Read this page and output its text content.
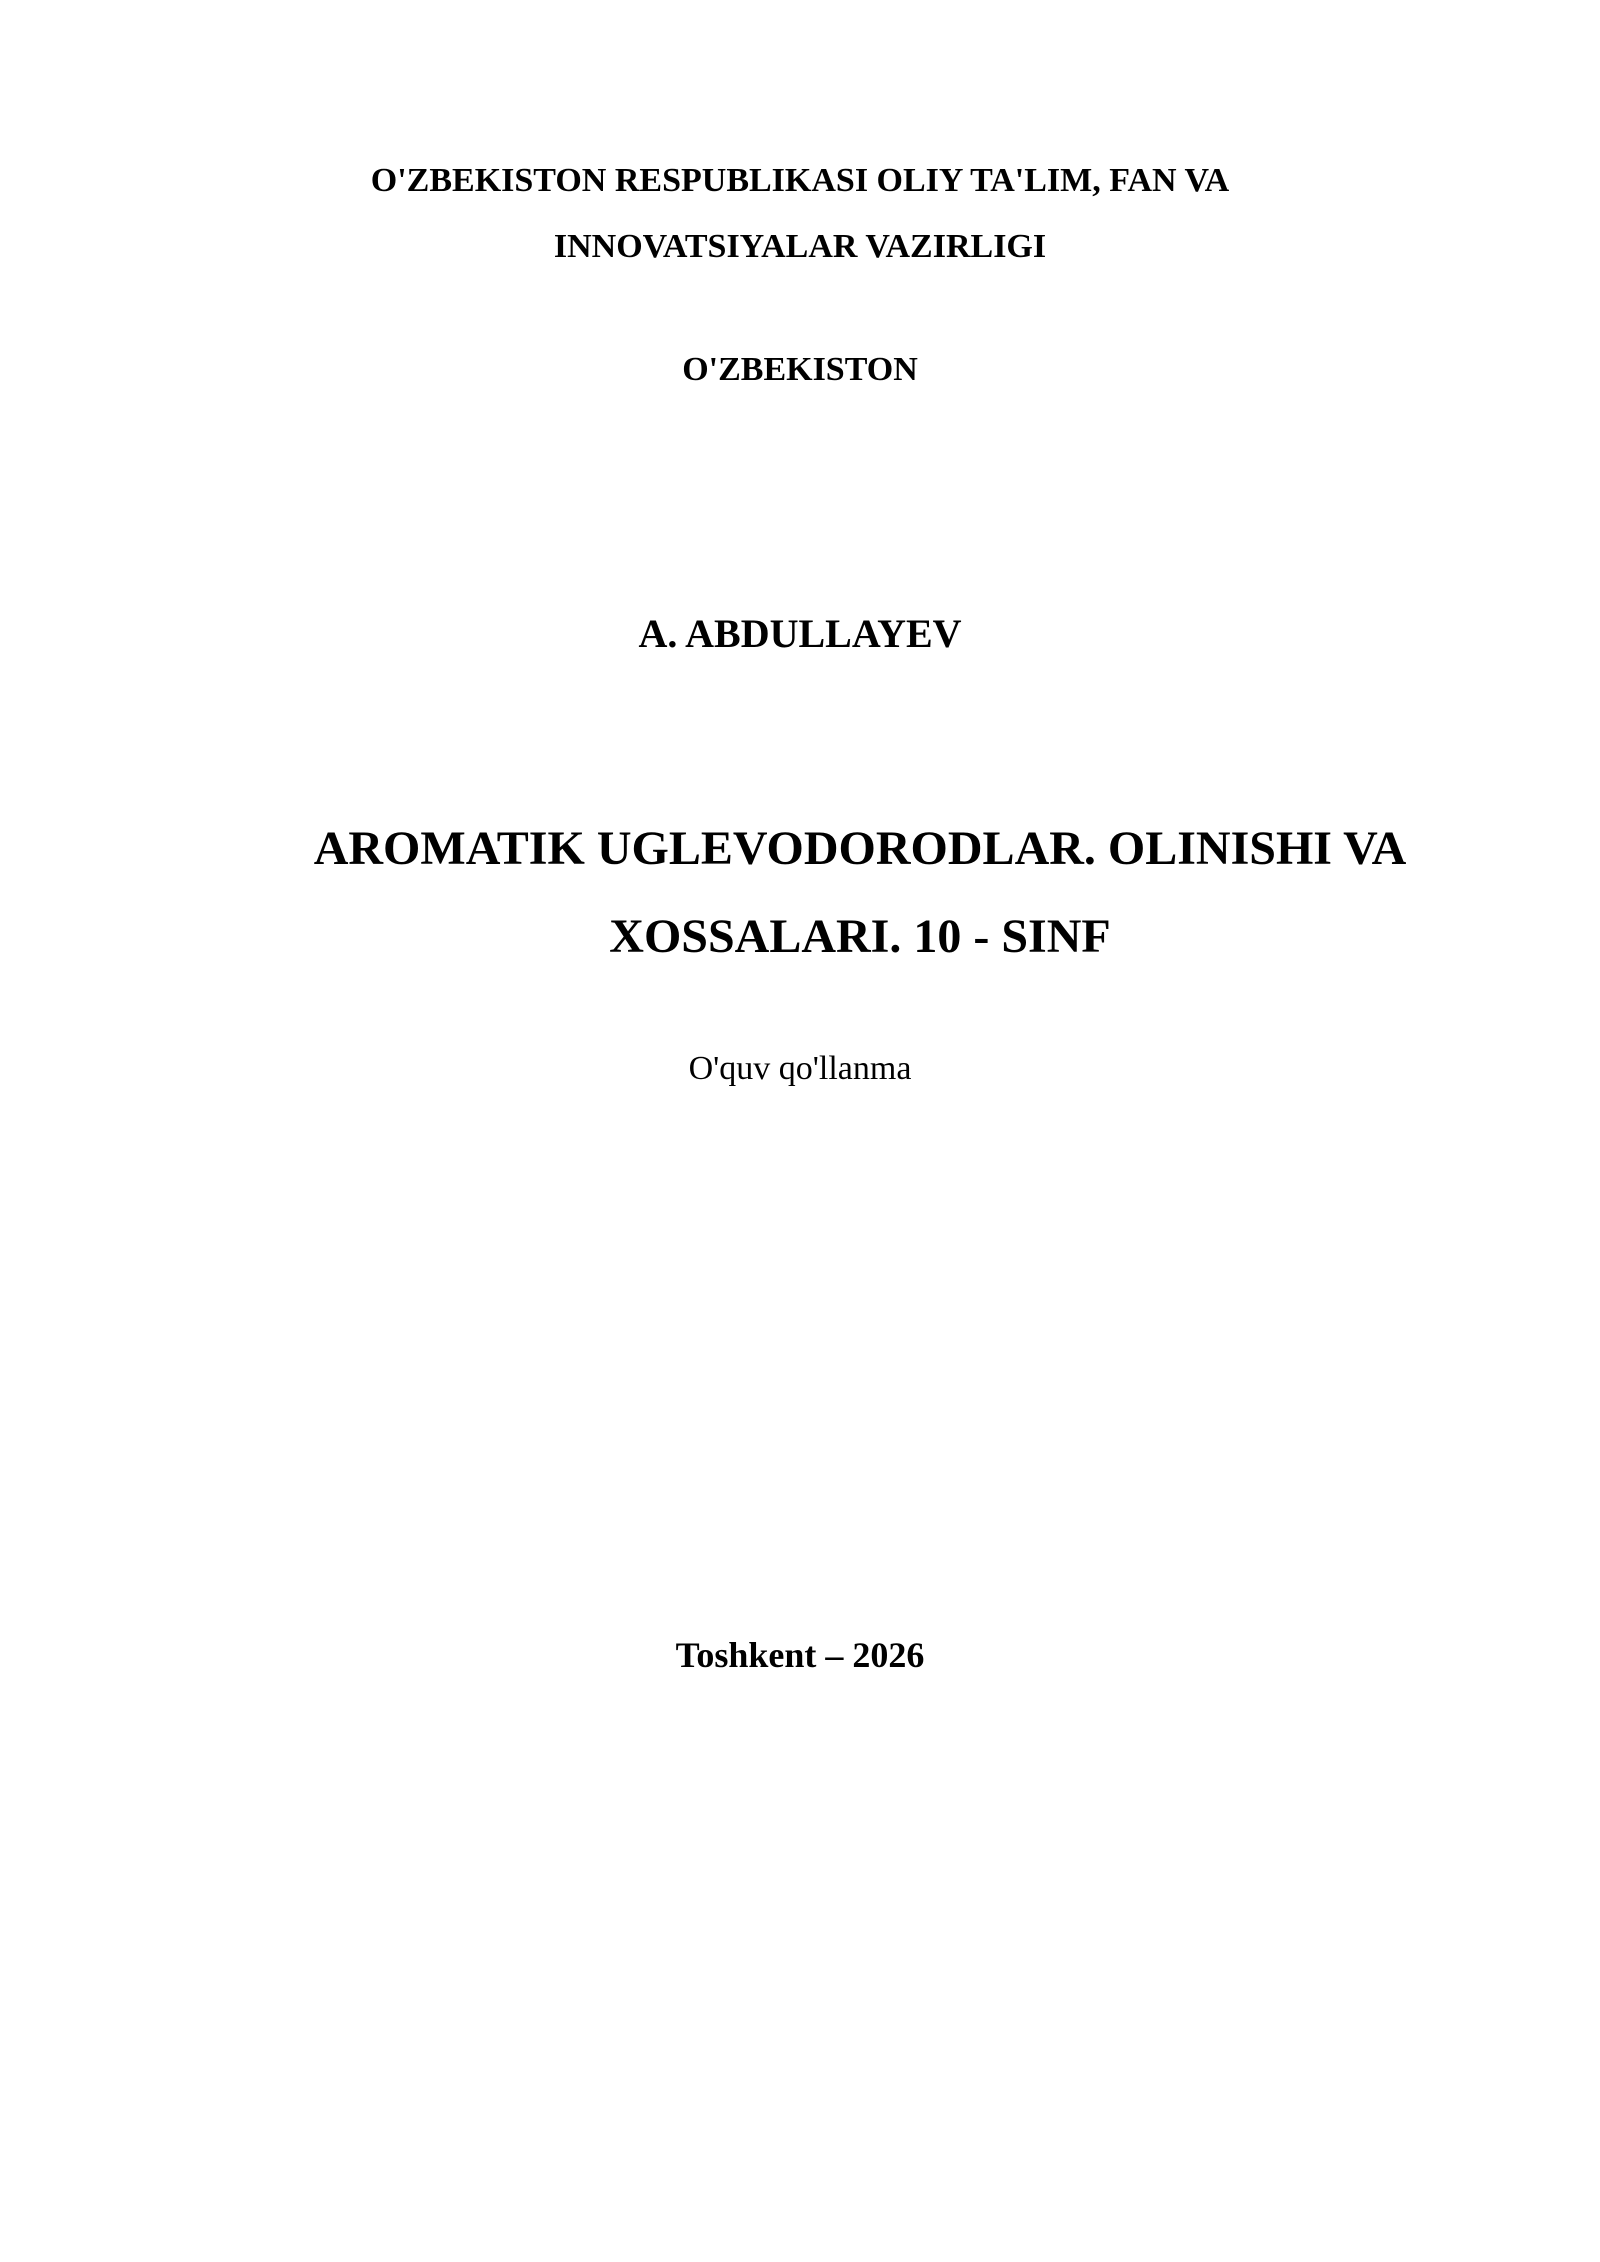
O'ZBEKISTON RESPUBLIKASI OLIY TA'LIM, FAN VA
INNOVATSIYALAR VAZIRLIGI
O'ZBEKISTON
A. ABDULLAYEV
AROMATIK UGLEVODORODLAR. OLINISHI VA
XOSSALARI. 10 - SINF
O'quv qo'llanma
Toshkent – 2026
